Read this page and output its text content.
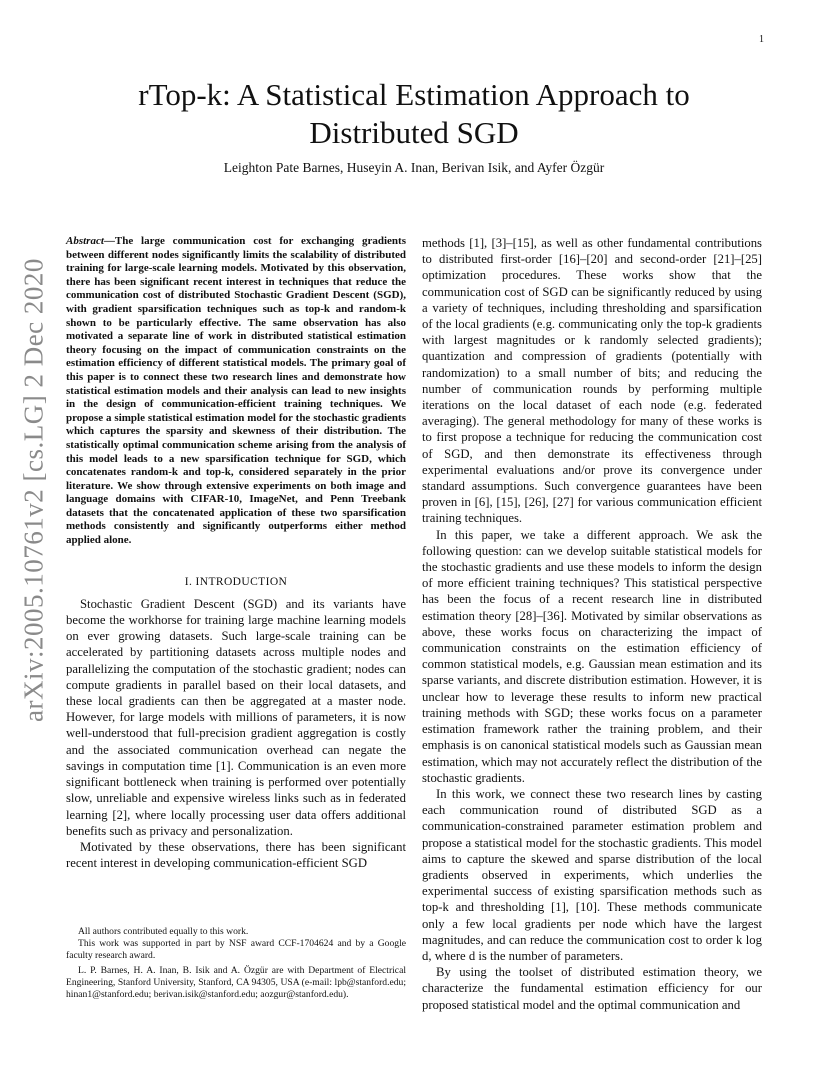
1
arXiv:2005.10761v2 [cs.LG] 2 Dec 2020
rTop-k: A Statistical Estimation Approach to
Distributed SGD
Leighton Pate Barnes, Huseyin A. Inan, Berivan Isik, and Ayfer Özgür

Abstract—The large communication cost for exchanging gradients between different nodes significantly limits the scalability of distributed training for large-scale learning models. Motivated by this observation, there has been significant recent interest in techniques that reduce the communication cost of distributed Stochastic Gradient Descent (SGD), with gradient sparsification techniques such as top-k and random-k shown to be particularly effective. The same observation has also motivated a separate line of work in distributed statistical estimation theory focusing on the impact of communication constraints on the estimation efficiency of different statistical models. The primary goal of this paper is to connect these two research lines and demonstrate how statistical estimation models and their analysis can lead to new insights in the design of communication-efficient training techniques. We propose a simple statistical estimation model for the stochastic gradients which captures the sparsity and skewness of their distribution. The statistically optimal communication scheme arising from the analysis of this model leads to a new sparsification technique for SGD, which concatenates random-k and top-k, considered separately in the prior literature. We show through extensive experiments on both image and language domains with CIFAR-10, ImageNet, and Penn Treebank datasets that the concatenated application of these two sparsification methods consistently and significantly outperforms either method applied alone.

I. INTRODUCTION

Stochastic Gradient Descent (SGD) and its variants have become the workhorse for training large machine learning models on ever growing datasets. Such large-scale training can be accelerated by partitioning datasets across multiple nodes and parallelizing the computation of the stochastic gradient; nodes can compute gradients in parallel based on their local datasets, and these local gradients can then be aggregated at a master node. However, for large models with millions of parameters, it is now well-understood that full-precision gradient aggregation is costly and the associated communication overhead can negate the savings in computation time [1]. Communication is an even more significant bottleneck when training is performed over potentially slow, unreliable and expensive wireless links such as in federated learning [2], where locally processing user data offers additional benefits such as privacy and personalization.

Motivated by these observations, there has been significant recent interest in developing communication-efficient SGD

methods [1], [3]–[15], as well as other fundamental contributions to distributed first-order [16]–[20] and second-order [21]–[25] optimization procedures. These works show that the communication cost of SGD can be significantly reduced by using a variety of techniques, including thresholding and sparsification of the local gradients (e.g. communicating only the top-k gradients with largest magnitudes or k randomly selected gradients); quantization and compression of gradients (potentially with randomization) to a small number of bits; and reducing the number of communication rounds by performing multiple iterations on the local dataset of each node (e.g. federated averaging). The general methodology for many of these works is to first propose a technique for reducing the communication cost of SGD, and then demonstrate its effectiveness through experimental evaluations and/or prove its convergence under standard assumptions. Such convergence guarantees have been proven in [6], [15], [26], [27] for various communication efficient training techniques.

In this paper, we take a different approach. We ask the following question: can we develop suitable statistical models for the stochastic gradients and use these models to inform the design of more efficient training techniques? This statistical perspective has been the focus of a recent research line in distributed estimation theory [28]–[36]. Motivated by similar observations as above, these works focus on characterizing the impact of communication constraints on the estimation efficiency of common statistical models, e.g. Gaussian mean estimation and its sparse variants, and discrete distribution estimation. However, it is unclear how to leverage these results to inform new practical training methods with SGD; these works focus on a parameter estimation framework rather the training problem, and their emphasis is on canonical statistical models such as Gaussian mean estimation, which may not accurately reflect the distribution of the stochastic gradients.

In this work, we connect these two research lines by casting each communication round of distributed SGD as a communication-constrained parameter estimation problem and propose a statistical model for the stochastic gradients. This model aims to capture the skewed and sparse distribution of the local gradients observed in experiments, which underlies the experimental success of existing sparsification methods such as top-k and thresholding [1], [10]. These methods communicate only a few local gradients per node which have the largest magnitudes, and can reduce the communication cost to order k log d, where d is the number of parameters.

By using the toolset of distributed estimation theory, we characterize the fundamental estimation efficiency for our proposed statistical model and the optimal communication and

All authors contributed equally to this work.

This work was supported in part by NSF award CCF-1704624 and by a Google faculty research award.

L. P. Barnes, H. A. Inan, B. Isik and A. Özgür are with Department of Electrical Engineering, Stanford University, Stanford, CA 94305, USA (e-mail: lpb@stanford.edu; hinan1@stanford.edu; berivan.isik@stanford.edu; aozgur@stanford.edu).
